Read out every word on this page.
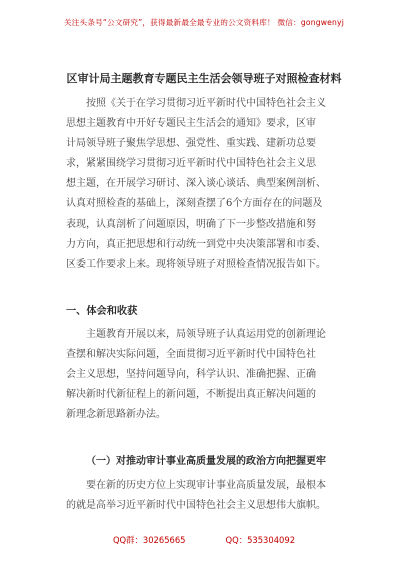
关注头条号“公文研究”，获得最新最全最专业的公文资料库！ 微信：gongwenyj
区审计局主题教育专题民主生活会领导班子对照检查材料
　　按照《关于在学习贯彻习近平新时代中国特色社会主义
思想主题教育中开好专题民主生活会的通知》要求，区审
计局领导班子聚焦学思想、强党性、重实践、建新功总要
求，紧紧围绕学习贯彻习近平新时代中国特色社会主义思
想主题，在开展学习研讨、深入谈心谈话、典型案例剖析、
认真对照检查的基础上，深刻查摆了6个方面存在的问题及
表现，认真剖析了问题原因，明确了下一步整改措施和努
力方向，真正把思想和行动统一到党中央决策部署和市委、
区委工作要求上来。现将领导班子对照检查情况报告如下。
一、体会和收获
　　主题教育开展以来，局领导班子认真运用党的创新理论
查摆和解决实际问题，全面贯彻习近平新时代中国特色社
会主义思想，坚持问题导向，科学认识、准确把握、正确
解决新时代新征程上的新问题，不断提出真正解决问题的
新理念新思路新办法。
（一）对推动审计事业高质量发展的政治方向把握更牢
　　要在新的历史方位上实现审计事业高质量发展，最根本
的就是高举习近平新时代中国特色社会主义思想伟大旗帜。
QQ群：30265665	QQ：535304092
